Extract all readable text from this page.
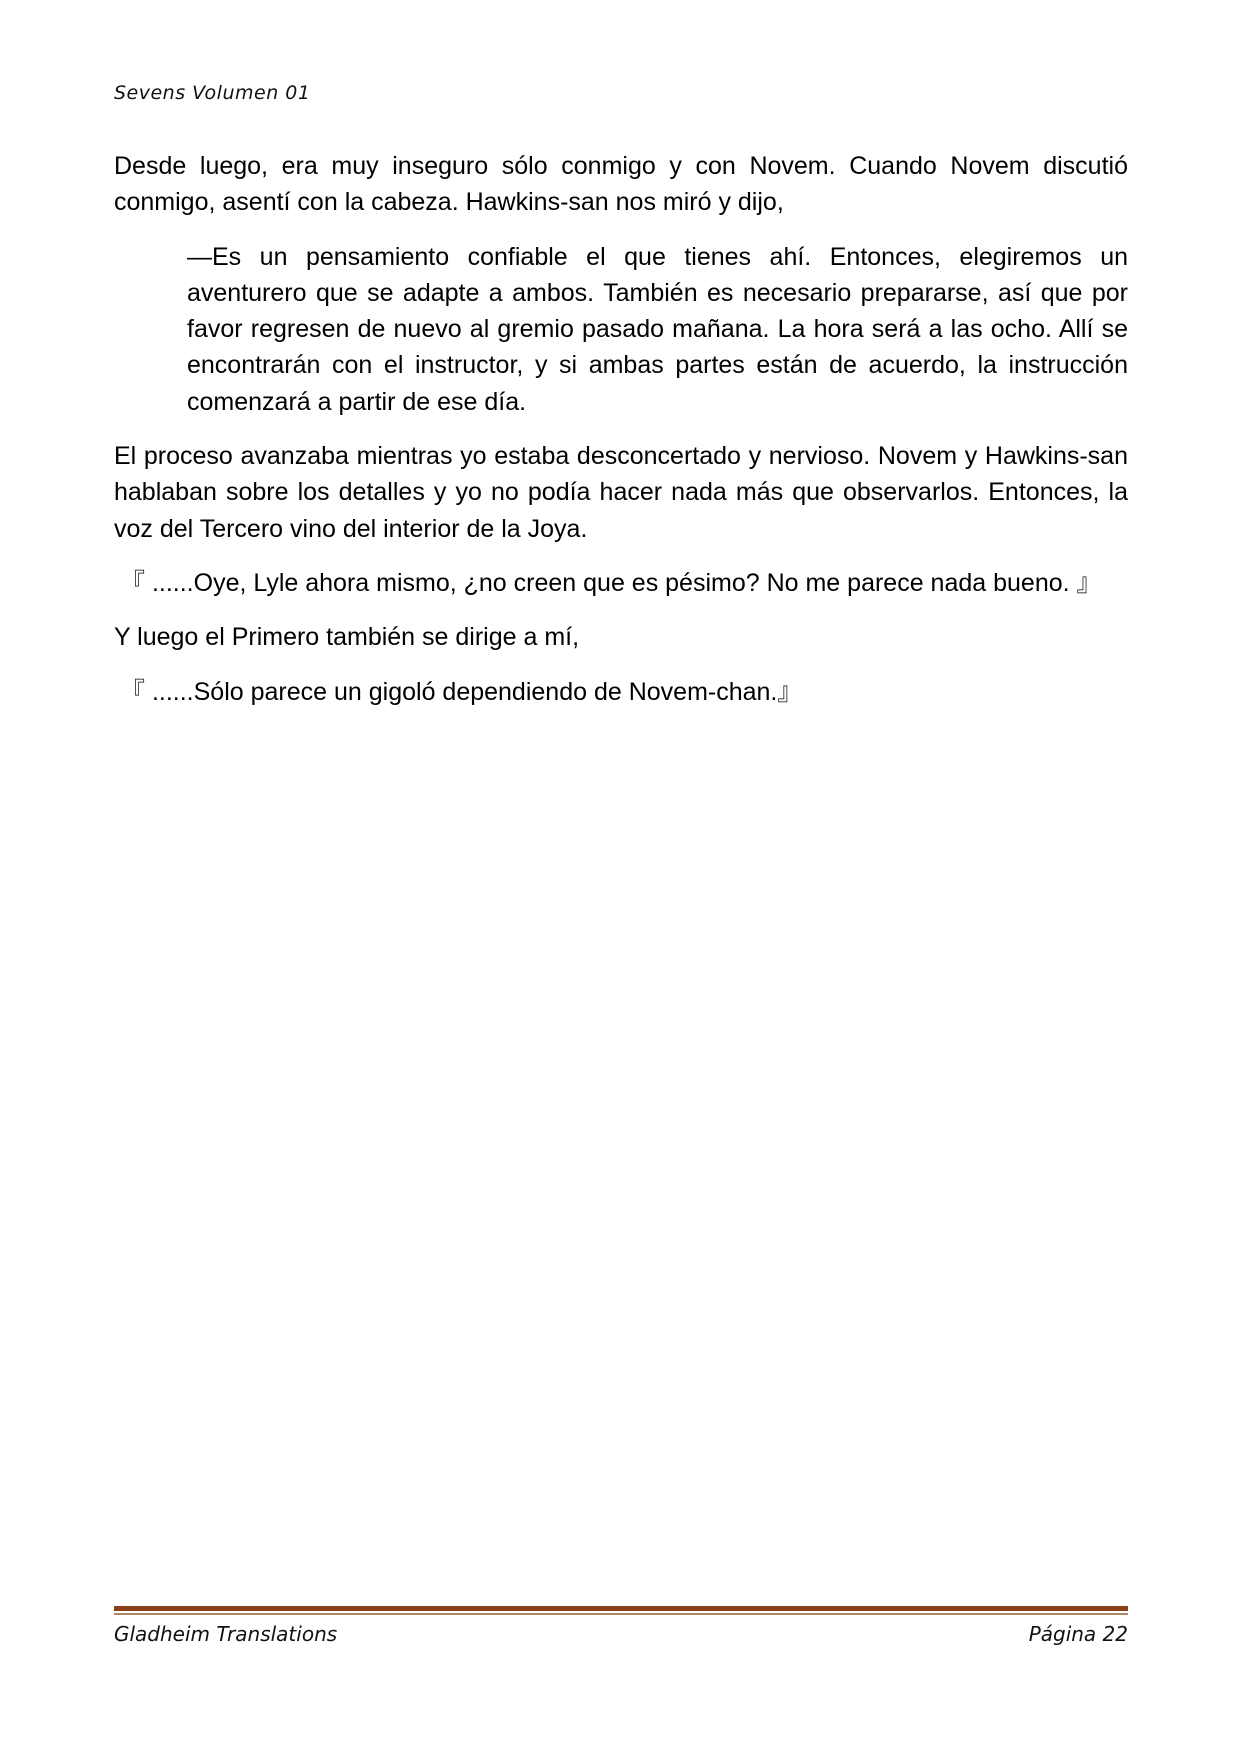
Sevens Volumen 01

Desde luego, era muy inseguro sólo conmigo y con Novem. Cuando Novem discutió conmigo, asentí con la cabeza. Hawkins-san nos miró y dijo,

—Es un pensamiento confiable el que tienes ahí. Entonces, elegiremos un aventurero que se adapte a ambos. También es necesario prepararse, así que por favor regresen de nuevo al gremio pasado mañana. La hora será a las ocho. Allí se encontrarán con el instructor, y si ambas partes están de acuerdo, la instrucción comenzará a partir de ese día.

El proceso avanzaba mientras yo estaba desconcertado y nervioso. Novem y Hawkins-san hablaban sobre los detalles y yo no podía hacer nada más que observarlos. Entonces, la voz del Tercero vino del interior de la Joya.

『 ......Oye, Lyle ahora mismo, ¿no creen que es pésimo? No me parece nada bueno. 』

Y luego el Primero también se dirige a mí,

『 ......Sólo parece un gigoló dependiendo de Novem-chan.』

Gladheim Translations	Página 22
